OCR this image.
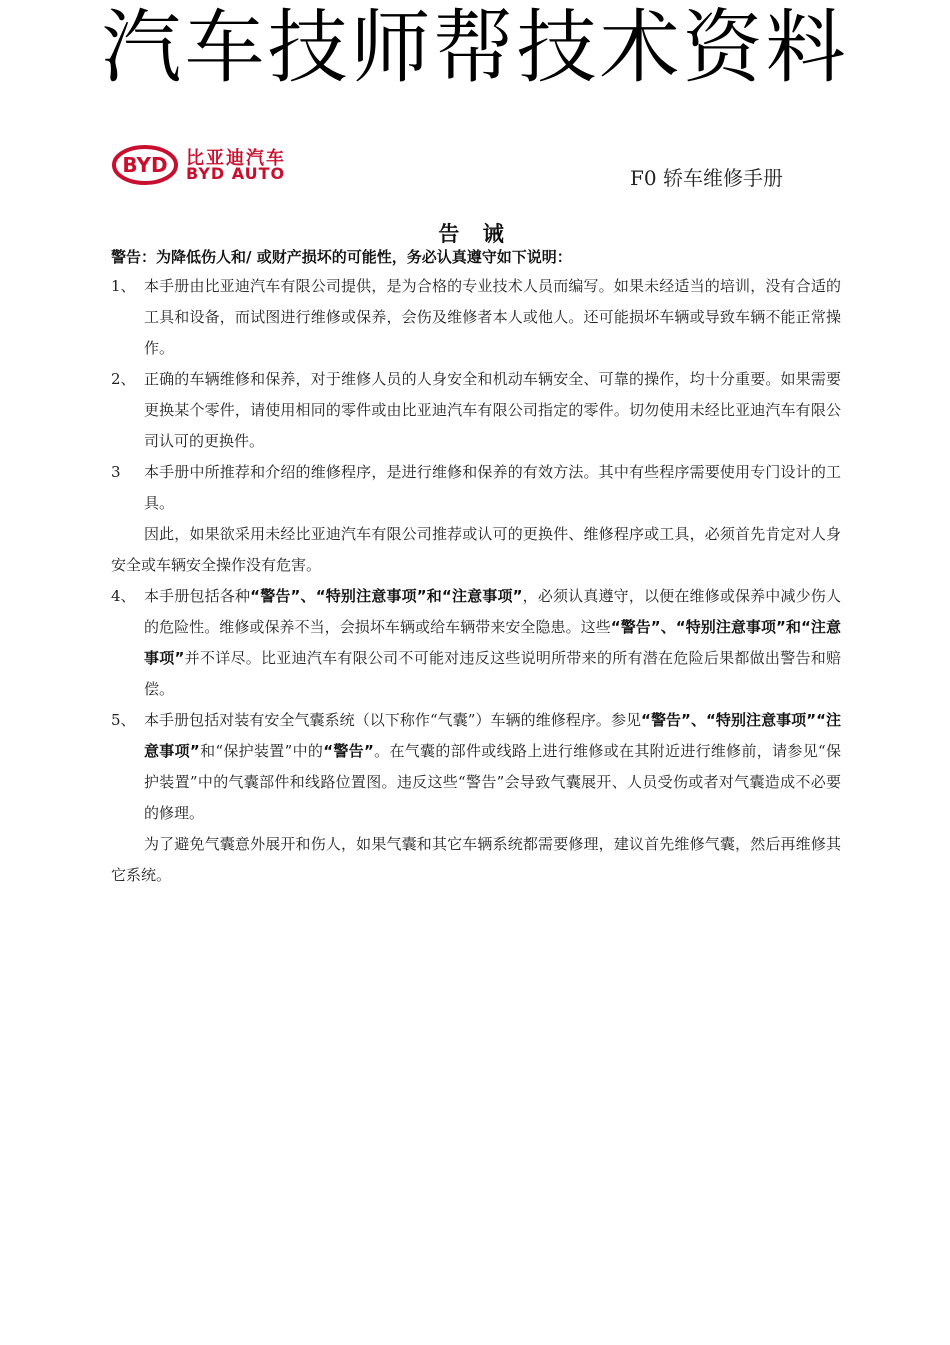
汽车技师帮技术资料
BYD 比亚迪汽车
BYD AUTO	F0 轿车维修手册
告 诫
警告：为降低伤人和/ 或财产损坏的可能性，务必认真遵守如下说明：
1、 本手册由比亚迪汽车有限公司提供，是为合格的专业技术人员而编写。如果未经适当的培训，没有合适的工具和设备，而试图进行维修或保养，会伤及维修者本人或他人。还可能损坏车辆或导致车辆不能正常操作。
2、 正确的车辆维修和保养，对于维修人员的人身安全和机动车辆安全、可靠的操作，均十分重要。如果需要更换某个零件，请使用相同的零件或由比亚迪汽车有限公司指定的零件。切勿使用未经比亚迪汽车有限公司认可的更换件。
3 本手册中所推荐和介绍的维修程序，是进行维修和保养的有效方法。其中有些程序需要使用专门设计的工具。
因此，如果欲采用未经比亚迪汽车有限公司推荐或认可的更换件、维修程序或工具，必须首先肯定对人身安全或车辆安全操作没有危害。
4、 本手册包括各种“警告”、“特别注意事项”和“注意事项”，必须认真遵守，以便在维修或保养中减少伤人的危险性。维修或保养不当，会损坏车辆或给车辆带来安全隐患。这些“警告”、“特别注意事项”和“注意事项”并不详尽。比亚迪汽车有限公司不可能对违反这些说明所带来的所有潜在危险后果都做出警告和赔偿。
5、 本手册包括对装有安全气囊系统（以下称作“气囊”）车辆的维修程序。参见“警告”、“特别注意事项”“注意事项”和“保护装置”中的“警告”。在气囊的部件或线路上进行维修或在其附近进行维修前，请参见“保护装置”中的气囊部件和线路位置图。违反这些“警告”会导致气囊展开、人员受伤或者对气囊造成不必要的修理。
为了避免气囊意外展开和伤人，如果气囊和其它车辆系统都需要修理，建议首先维修气囊，然后再维修其它系统。
